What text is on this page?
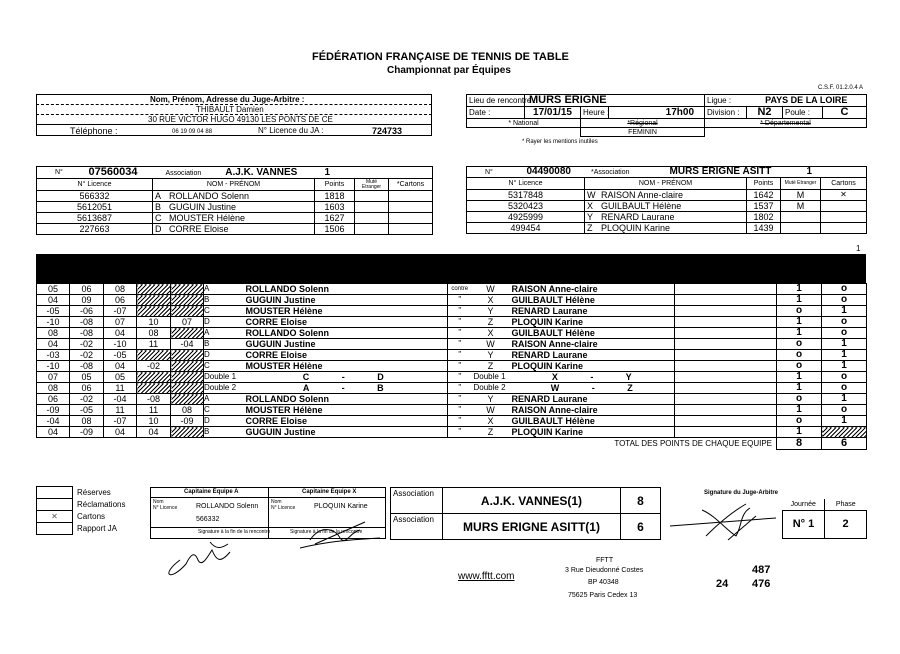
FÉDÉRATION FRANÇAISE DE TENNIS DE TABLE
Championnat par Équipes
C.S.F. 01.2.0.4 A
Nom, Prénom, Adresse du Juge-Arbitre :
THIBAULT Damien
30 RUE VICTOR HUGO 49130 LES PONTS DE CE
Téléphone :	06 19 09 04 88	N° Licence du JA :	724733
Lieu de rencontre :	MURS ERIGNE			Ligue :	PAYS DE LA LOIRE		
Date :	17/01/15	Heure :	17h00	Division :	N2	Poule :	C
* National		*Régional		* Départemental			
		FEMININ					
* Rayer les mentions inutiles
N°	07560034 Association A.J.K. VANNES	1		
N° Licence	NOM - PRÉNOM	Points	Muté Etranger	*Cartons
566332	A ROLLANDO Solenn	1818		
5612051	B GUGUIN Justine	1603		
5613687	C MOUSTER Hélène	1627		
227663	D CORRE Eloise	1506		
N°	04490080 *Association MURS ERIGNE ASITT	1		
N° Licence	NOM - PRÉNOM	Points	Muté Etranger	Cartons
5317848	W RAISON Anne-claire	1642	M	✕
5320423	X GUILBAULT Hélène	1537	M	
4925999	Y RENARD Laurane	1802		
499454	Z PLOQUIN Karine	1439		
1
05	06	08			A	ROLLANDO Solenn	contre	W	RAISON Anne-claire		1	o
04	09	06			B	GUGUIN Justine	"	X	GUILBAULT Hélène		1	o
-05	-06	-07			C	MOUSTER Hélène	"	Y	RENARD Laurane		o	1
-10	-08	07	10	07	D	CORRE Eloise	"	Z	PLOQUIN Karine		1	o
08	-08	04	08		A	ROLLANDO Solenn	"	X	GUILBAULT Hélène		1	o
04	-02	-10	11	-04	B	GUGUIN Justine	"	W	RAISON Anne-claire		o	1
-03	-02	-05			D	CORRE Eloise	"	Y	RENARD Laurane		o	1
-10	-08	04	-02		C	MOUSTER Hélène	"	Z	PLOQUIN Karine		o	1
07	05	05			Double 1	C - D	"	Double 1	X - Y		1	o
08	06	11			Double 2	A - B	"	Double 2	W - Z		1	o
06	-02	-04	-08		A	ROLLANDO Solenn	"	Y	RENARD Laurane		o	1
-09	-05	11	11	08	C	MOUSTER Hélène	"	W	RAISON Anne-claire		1	o
-04	08	-07	10	-09	D	CORRE Eloise	"	X	GUILBAULT Hélène		o	1
04	-09	04	04		B	GUGUIN Justine	"	Z	PLOQUIN Karine		1	
					TOTAL DES POINTS DE CHAQUE EQUIPE						8	6
	Réserves
	Réclamations
✕	Cartons
	Rapport JA
Capitaine Équipe A	Capitaine Équipe X
Nom
N° Licence	ROLLANDO Solenn
566332
Nom
N° Licence	PLOQUIN Karine
Signature à la fin de la rencontre	Signature à la fin de la rencontre
Association	A.J.K. VANNES(1)	8
Association	MURS ERIGNE ASITT(1)	6
Signature du Juge-Arbitre
Journée	Phase
N° 1	2
FFTT
3 Rue Dieudonné Costes
BP 40348
75625 Paris Cedex 13
www.fftt.com
487
24 476
